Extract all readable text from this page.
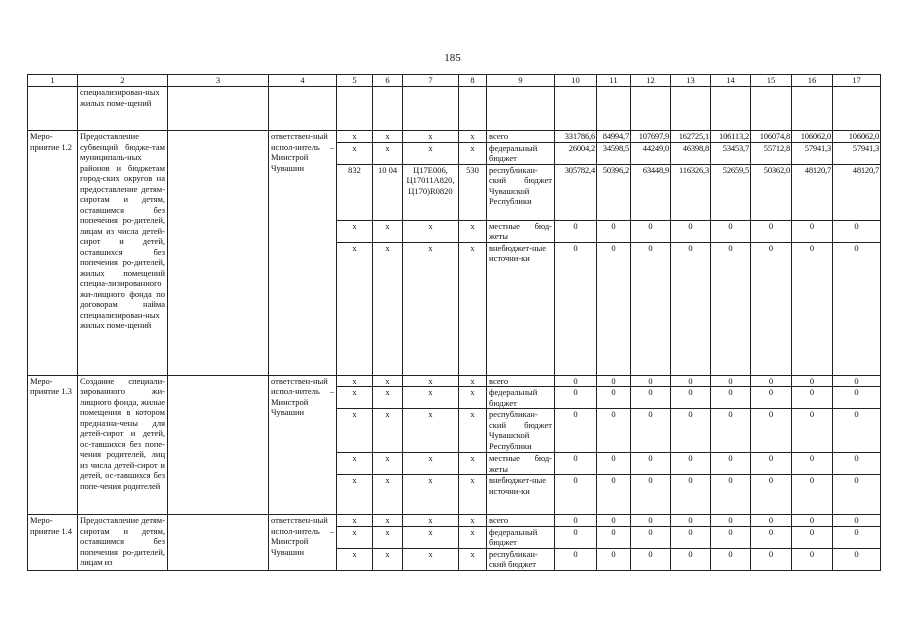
185
1	2	3	4	5	6	7	8	9	10	11	12	13	14	15	16	17
	специализирован-ных жилых поме-щений															
Меро-приятие 1.2	Предоставление субвенций бюдже-там муниципаль-ных районов и бюджетам город-ских округов на предоставление детям-сиротам и детям, оставшимся без попечения ро-дителей, лицам из числа детей-сирот и детей, оставшихся без попечения ро-дителей, жилых помещений специа-лизированного жи-лищного фонда по договорам найма специализирован-ных жилых поме-щений		ответствен-ный испол-нитель – Минстрой Чувашии	x	x	x	x	всего	331786,6	84994,7	107697,9	162725,1	106113,2	106074,8	106062,0	106062,0
				x	x	x	x	федеральный бюджет	26004,2	34598,5	44249,0	46398,8	53453,7	55712,8	57941,3	57941,3
				832	10 04	Ц17Е006, Ц17011А820, Ц170)R0820	530	республикан-ский бюджет Чувашской Республики	305782,4	50396,2	63448,9	116326,3	52659,5	50362,0	48120,7	48120,7
				x	x	x	x	местные бюд-жеты	0	0	0	0	0	0	0	0
				x	x	x	x	внебюджет-ные источни-ки	0	0	0	0	0	0	0	0
Меро-приятие 1.3	Создание специали-зированного жи-лищного фонда, жилые помещения в котором предназна-чены для детей-сирот и детей, ос-тавшихся без попе-чения родителей, лиц из числа детей-сирот и детей, ос-тавшихся без попе-чения родителей		ответствен-ный испол-нитель – Минстрой Чувашии	x	x	x	x	всего	0	0	0	0	0	0	0	0
				x	x	x	x	федеральный бюджет	0	0	0	0	0	0	0	0
				x	x	x	x	республикан-ский бюджет Чувашской Республики	0	0	0	0	0	0	0	0
				x	x	x	x	местные бюд-жеты	0	0	0	0	0	0	0	0
				x	x	x	x	внебюджет-ные источни-ки	0	0	0	0	0	0	0	0
Меро-приятие 1.4	Предоставление детям-сиротам и детям, оставшимся без попечения ро-дителей, лицам из		ответствен-ный испол-нитель – Минстрой Чувашии	x	x	x	x	всего	0	0	0	0	0	0	0	0
				x	x	x	x	федеральный бюджет	0	0	0	0	0	0	0	0
				x	x	x	x	республикан-ский бюджет	0	0	0	0	0	0	0	0
